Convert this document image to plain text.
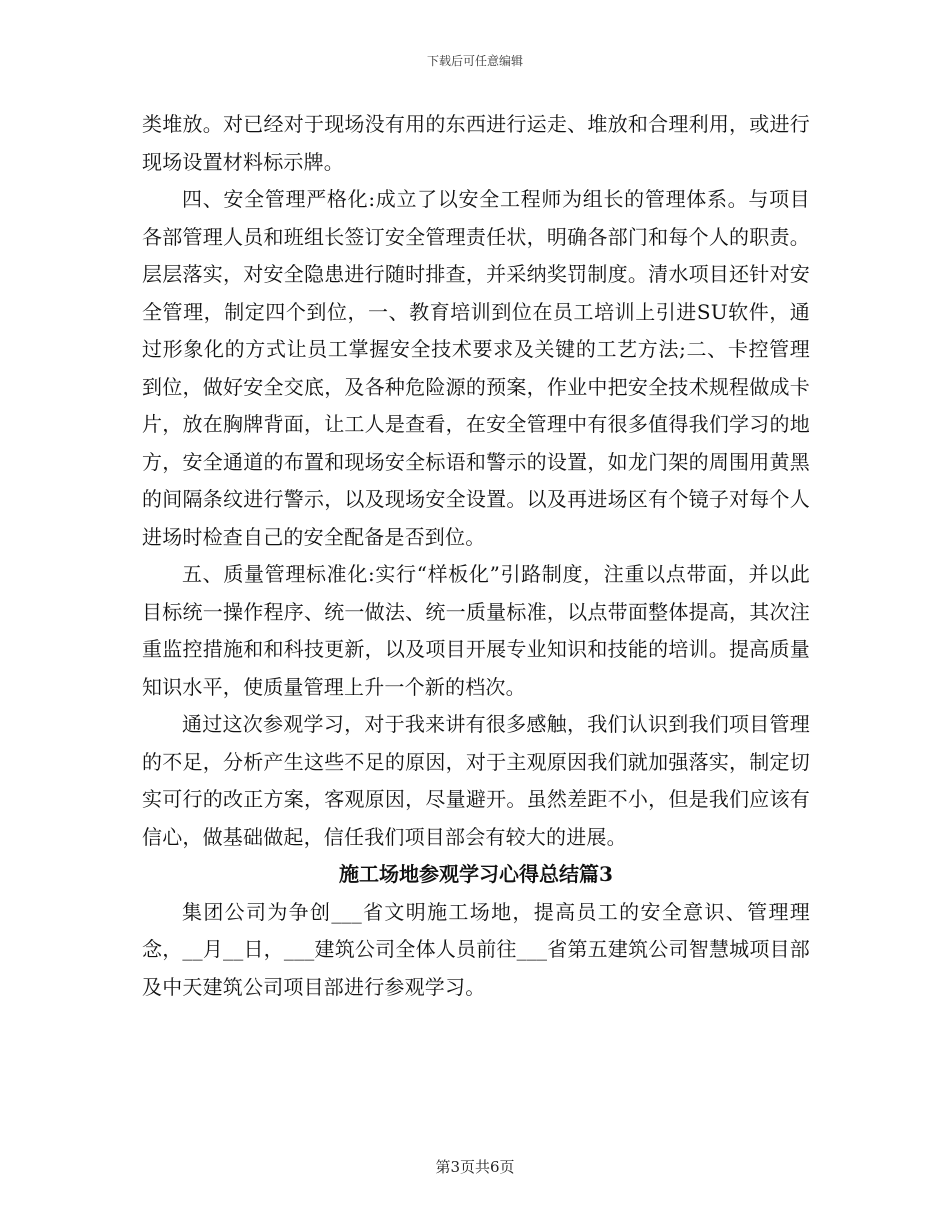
下载后可任意编辑

类堆放。对已经对于现场没有用的东西进行运走、堆放和合理利用，或进行现场设置材料标示牌。

四、安全管理严格化:成立了以安全工程师为组长的管理体系。与项目各部管理人员和班组长签订安全管理责任状，明确各部门和每个人的职责。层层落实，对安全隐患进行随时排查，并采纳奖罚制度。清水项目还针对安全管理，制定四个到位，一、教育培训到位在员工培训上引进SU软件，通过形象化的方式让员工掌握安全技术要求及关键的工艺方法;二、卡控管理到位，做好安全交底，及各种危险源的预案，作业中把安全技术规程做成卡片，放在胸牌背面，让工人是查看，在安全管理中有很多值得我们学习的地方，安全通道的布置和现场安全标语和警示的设置，如龙门架的周围用黄黑的间隔条纹进行警示，以及现场安全设置。以及再进场区有个镜子对每个人进场时检查自己的安全配备是否到位。

五、质量管理标准化:实行“样板化”引路制度，注重以点带面，并以此目标统一操作程序、统一做法、统一质量标准，以点带面整体提高，其次注重监控措施和和科技更新，以及项目开展专业知识和技能的培训。提高质量知识水平，使质量管理上升一个新的档次。

通过这次参观学习，对于我来讲有很多感触，我们认识到我们项目管理的不足，分析产生这些不足的原因，对于主观原因我们就加强落实，制定切实可行的改正方案，客观原因，尽量避开。虽然差距不小，但是我们应该有信心，做基础做起，信任我们项目部会有较大的进展。

施工场地参观学习心得总结篇3

集团公司为争创___省文明施工场地，提高员工的安全意识、管理理念，__月__日，___建筑公司全体人员前往___省第五建筑公司智慧城项目部及中天建筑公司项目部进行参观学习。

第3页共6页
